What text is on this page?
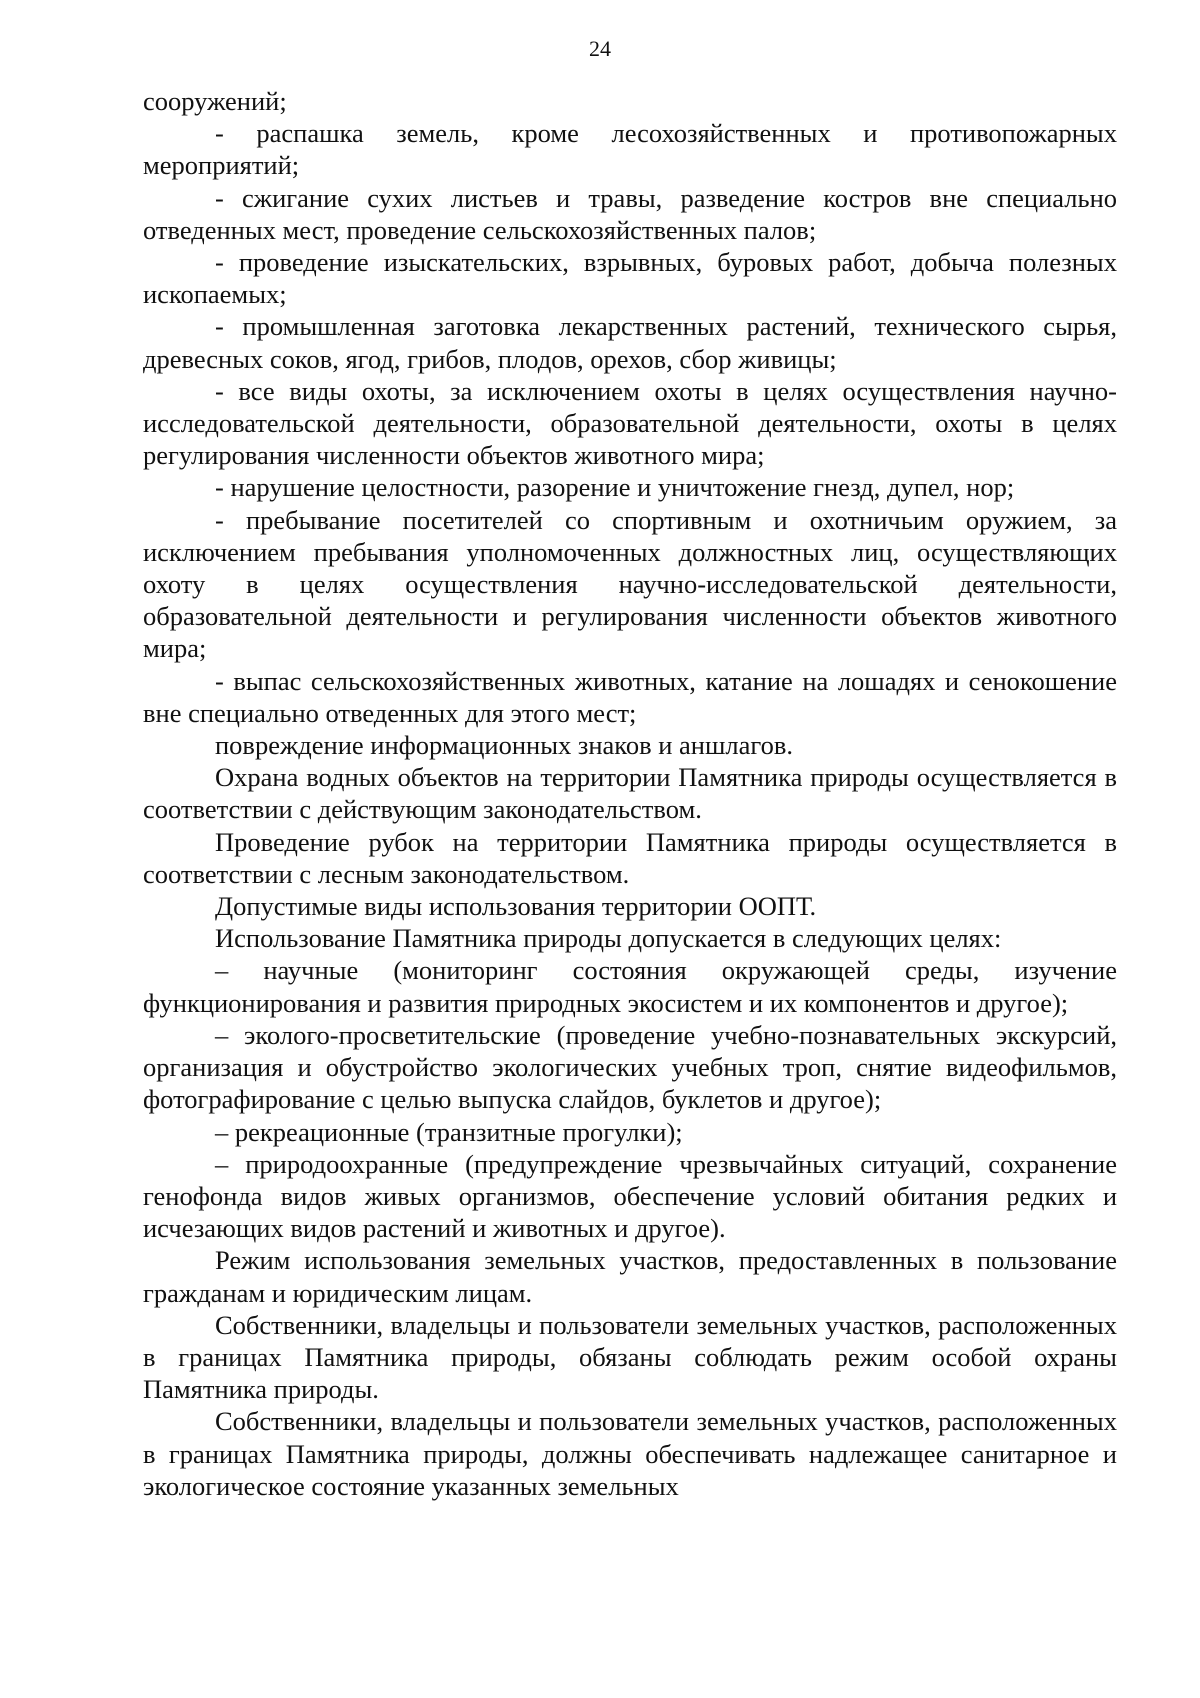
24

сооружений;

- распашка земель, кроме лесохозяйственных и противопожарных мероприятий;

- сжигание сухих листьев и травы, разведение костров вне специально отведенных мест, проведение сельскохозяйственных палов;

- проведение изыскательских, взрывных, буровых работ, добыча полезных ископаемых;

- промышленная заготовка лекарственных растений, технического сырья, древесных соков, ягод, грибов, плодов, орехов, сбор живицы;

- все виды охоты, за исключением охоты в целях осуществления научно-исследовательской деятельности, образовательной деятельности, охоты в целях регулирования численности объектов животного мира;

- нарушение целостности, разорение и уничтожение гнезд, дупел, нор;

- пребывание посетителей со спортивным и охотничьим оружием, за исключением пребывания уполномоченных должностных лиц, осуществляющих охоту в целях осуществления научно-исследовательской деятельности, образовательной деятельности и регулирования численности объектов животного мира;

- выпас сельскохозяйственных животных, катание на лошадях и сенокошение вне специально отведенных для этого мест;

повреждение информационных знаков и аншлагов.

Охрана водных объектов на территории Памятника природы осуществляется в соответствии с действующим законодательством.

Проведение рубок на территории Памятника природы осуществляется в соответствии с лесным законодательством.

Допустимые виды использования территории ООПТ.

Использование Памятника природы допускается в следующих целях:

– научные (мониторинг состояния окружающей среды, изучение функционирования и развития природных экосистем и их компонентов и другое);

– эколого-просветительские (проведение учебно-познавательных экскурсий, организация и обустройство экологических учебных троп, снятие видеофильмов, фотографирование с целью выпуска слайдов, буклетов и другое);

– рекреационные (транзитные прогулки);

– природоохранные (предупреждение чрезвычайных ситуаций, сохранение генофонда видов живых организмов, обеспечение условий обитания редких и исчезающих видов растений и животных и другое).

Режим использования земельных участков, предоставленных в пользование гражданам и юридическим лицам.

Собственники, владельцы и пользователи земельных участков, расположенных в границах Памятника природы, обязаны соблюдать режим особой охраны Памятника природы.

Собственники, владельцы и пользователи земельных участков, расположенных в границах Памятника природы, должны обеспечивать надлежащее санитарное и экологическое состояние указанных земельных
